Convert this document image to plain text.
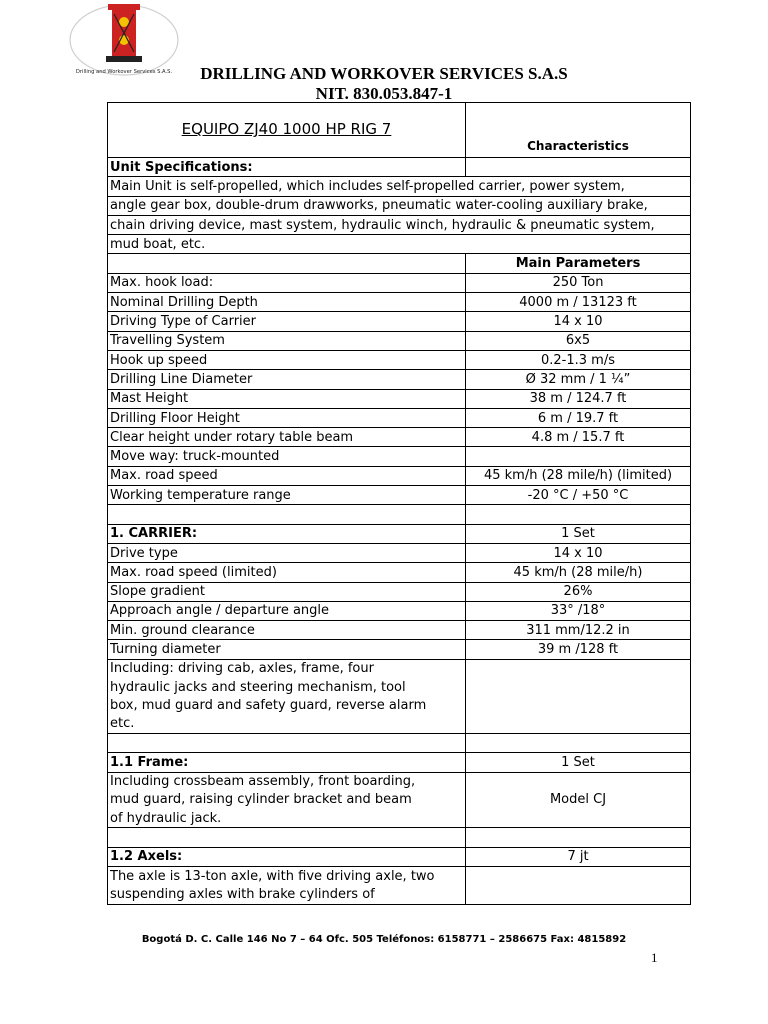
Drilling and Workover Services S.A.S.	DRILLING AND WORKOVER SERVICES S.A.S
NIT. 830.053.847-1
EQUIPO ZJ40 1000 HP RIG 7	Characteristics
Unit Specifications:	
Main Unit is self-propelled, which includes self-propelled carrier, power system,	
angle gear box, double-drum drawworks, pneumatic water-cooling auxiliary brake,	
chain driving device, mast system, hydraulic winch, hydraulic & pneumatic system,	
mud boat, etc.	
	Main Parameters
Max. hook load:	250 Ton
Nominal Drilling Depth	4000 m / 13123 ft
Driving Type of Carrier	14 x 10
Travelling System	6x5
Hook up speed	0.2-1.3 m/s
Drilling Line Diameter	Ø 32 mm / 1 ¼”
Mast Height	38 m / 124.7 ft
Drilling Floor Height	6 m / 19.7 ft
Clear height under rotary table beam	4.8 m / 15.7 ft
Move way: truck-mounted	
Max. road speed	45 km/h (28 mile/h) (limited)
Working temperature range	-20 °C / +50 °C

1. CARRIER:	1 Set
Drive type	14 x 10
Max. road speed (limited)	45 km/h (28 mile/h)
Slope gradient	26%
Approach angle / departure angle	33° /18°
Min. ground clearance	311 mm/12.2 in
Turning diameter	39 m /128 ft
Including: driving cab, axles, frame, four	
hydraulic jacks and steering mechanism, tool	
box, mud guard and safety guard, reverse alarm	
etc.	

1.1 Frame:	1 Set
Including crossbeam assembly, front boarding,	Model CJ
mud guard, raising cylinder bracket and beam	
of hydraulic jack.	

1.2 Axels:	7 jt
The axle is 13-ton axle, with five driving axle, two	
suspending axles with brake cylinders of	
Bogotá D. C. Calle 146 No 7 – 64 Ofc. 505 Teléfonos: 6158771 – 2586675 Fax: 4815892
1
